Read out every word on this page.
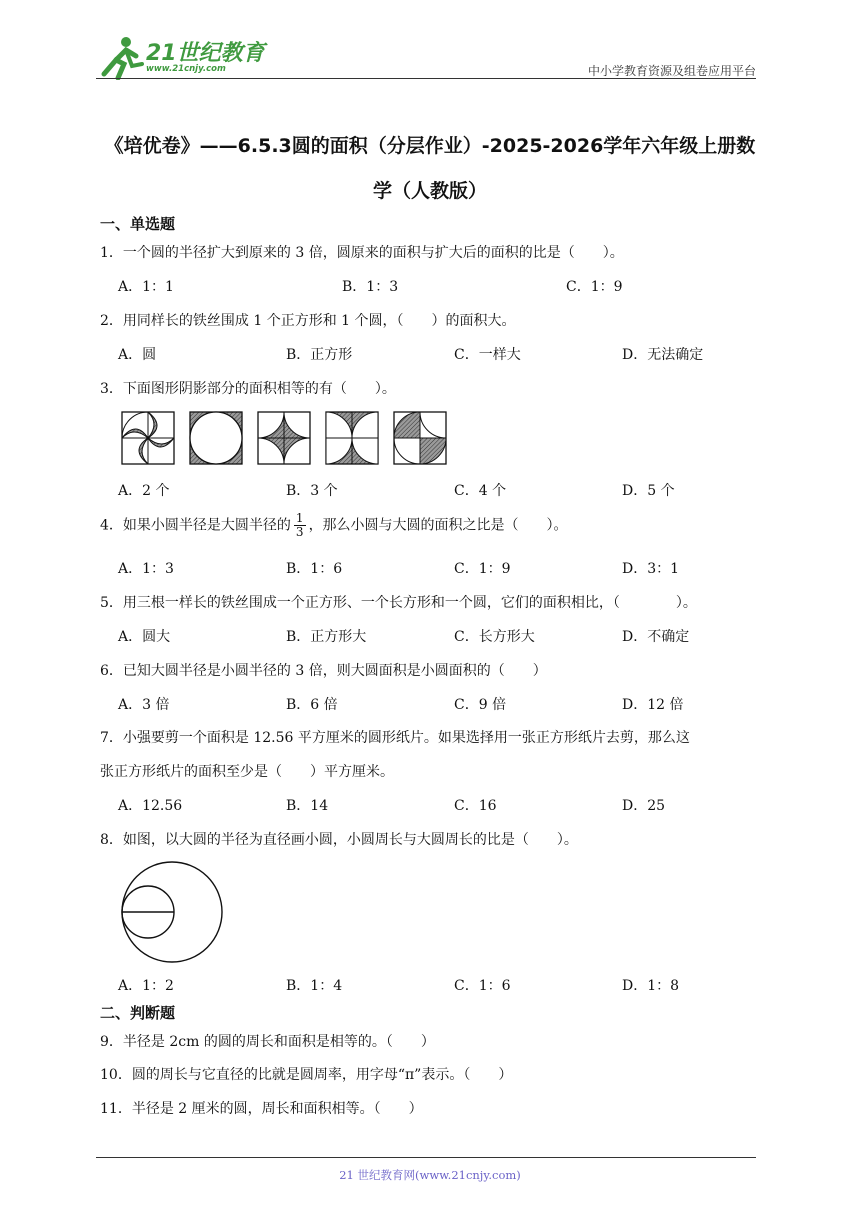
21世纪教育
www.21cnjy.com	中小学教育资源及组卷应用平台
《培优卷》——6.5.3圆的面积（分层作业）-2025-2026学年六年级上册数
学（人教版）
一、单选题
1．一个圆的半径扩大到原来的 3 倍，圆原来的面积与扩大后的面积的比是（　　）。
A．1：1	B．1：3	C．1：9
2．用同样长的铁丝围成 1 个正方形和 1 个圆，（　　）的面积大。
A．圆	B．正方形	C．一样大	D．无法确定
3．下面图形阴影部分的面积相等的有（　　）。
A．2 个	B．3 个	C．4 个	D．5 个
4．如果小圆半径是大圆半径的 $\frac{1}{3}$ ，那么小圆与大圆的面积之比是（　　）。
A．1：3	B．1：6	C．1：9	D．3：1
5．用三根一样长的铁丝围成一个正方形、一个长方形和一个圆，它们的面积相比，（　　　　）。
A．圆大	B．正方形大	C．长方形大	D．不确定
6．已知大圆半径是小圆半径的 3 倍，则大圆面积是小圆面积的（　　）
A．3 倍	B．6 倍	C．9 倍	D．12 倍
7．小强要剪一个面积是 12.56 平方厘米的圆形纸片。如果选择用一张正方形纸片去剪，那么这
张正方形纸片的面积至少是（　　）平方厘米。
A．12.56	B．14	C．16	D．25
8．如图，以大圆的半径为直径画小圆，小圆周长与大圆周长的比是（　　）。
A．1：2	B．1：4	C．1：6	D．1：8
二、判断题
9．半径是 2cm 的圆的周长和面积是相等的。（　　）
10．圆的周长与它直径的比就是圆周率，用字母“π”表示。（　　）
11．半径是 2 厘米的圆，周长和面积相等。（　　）
21 世纪教育网(www.21cnjy.com)
